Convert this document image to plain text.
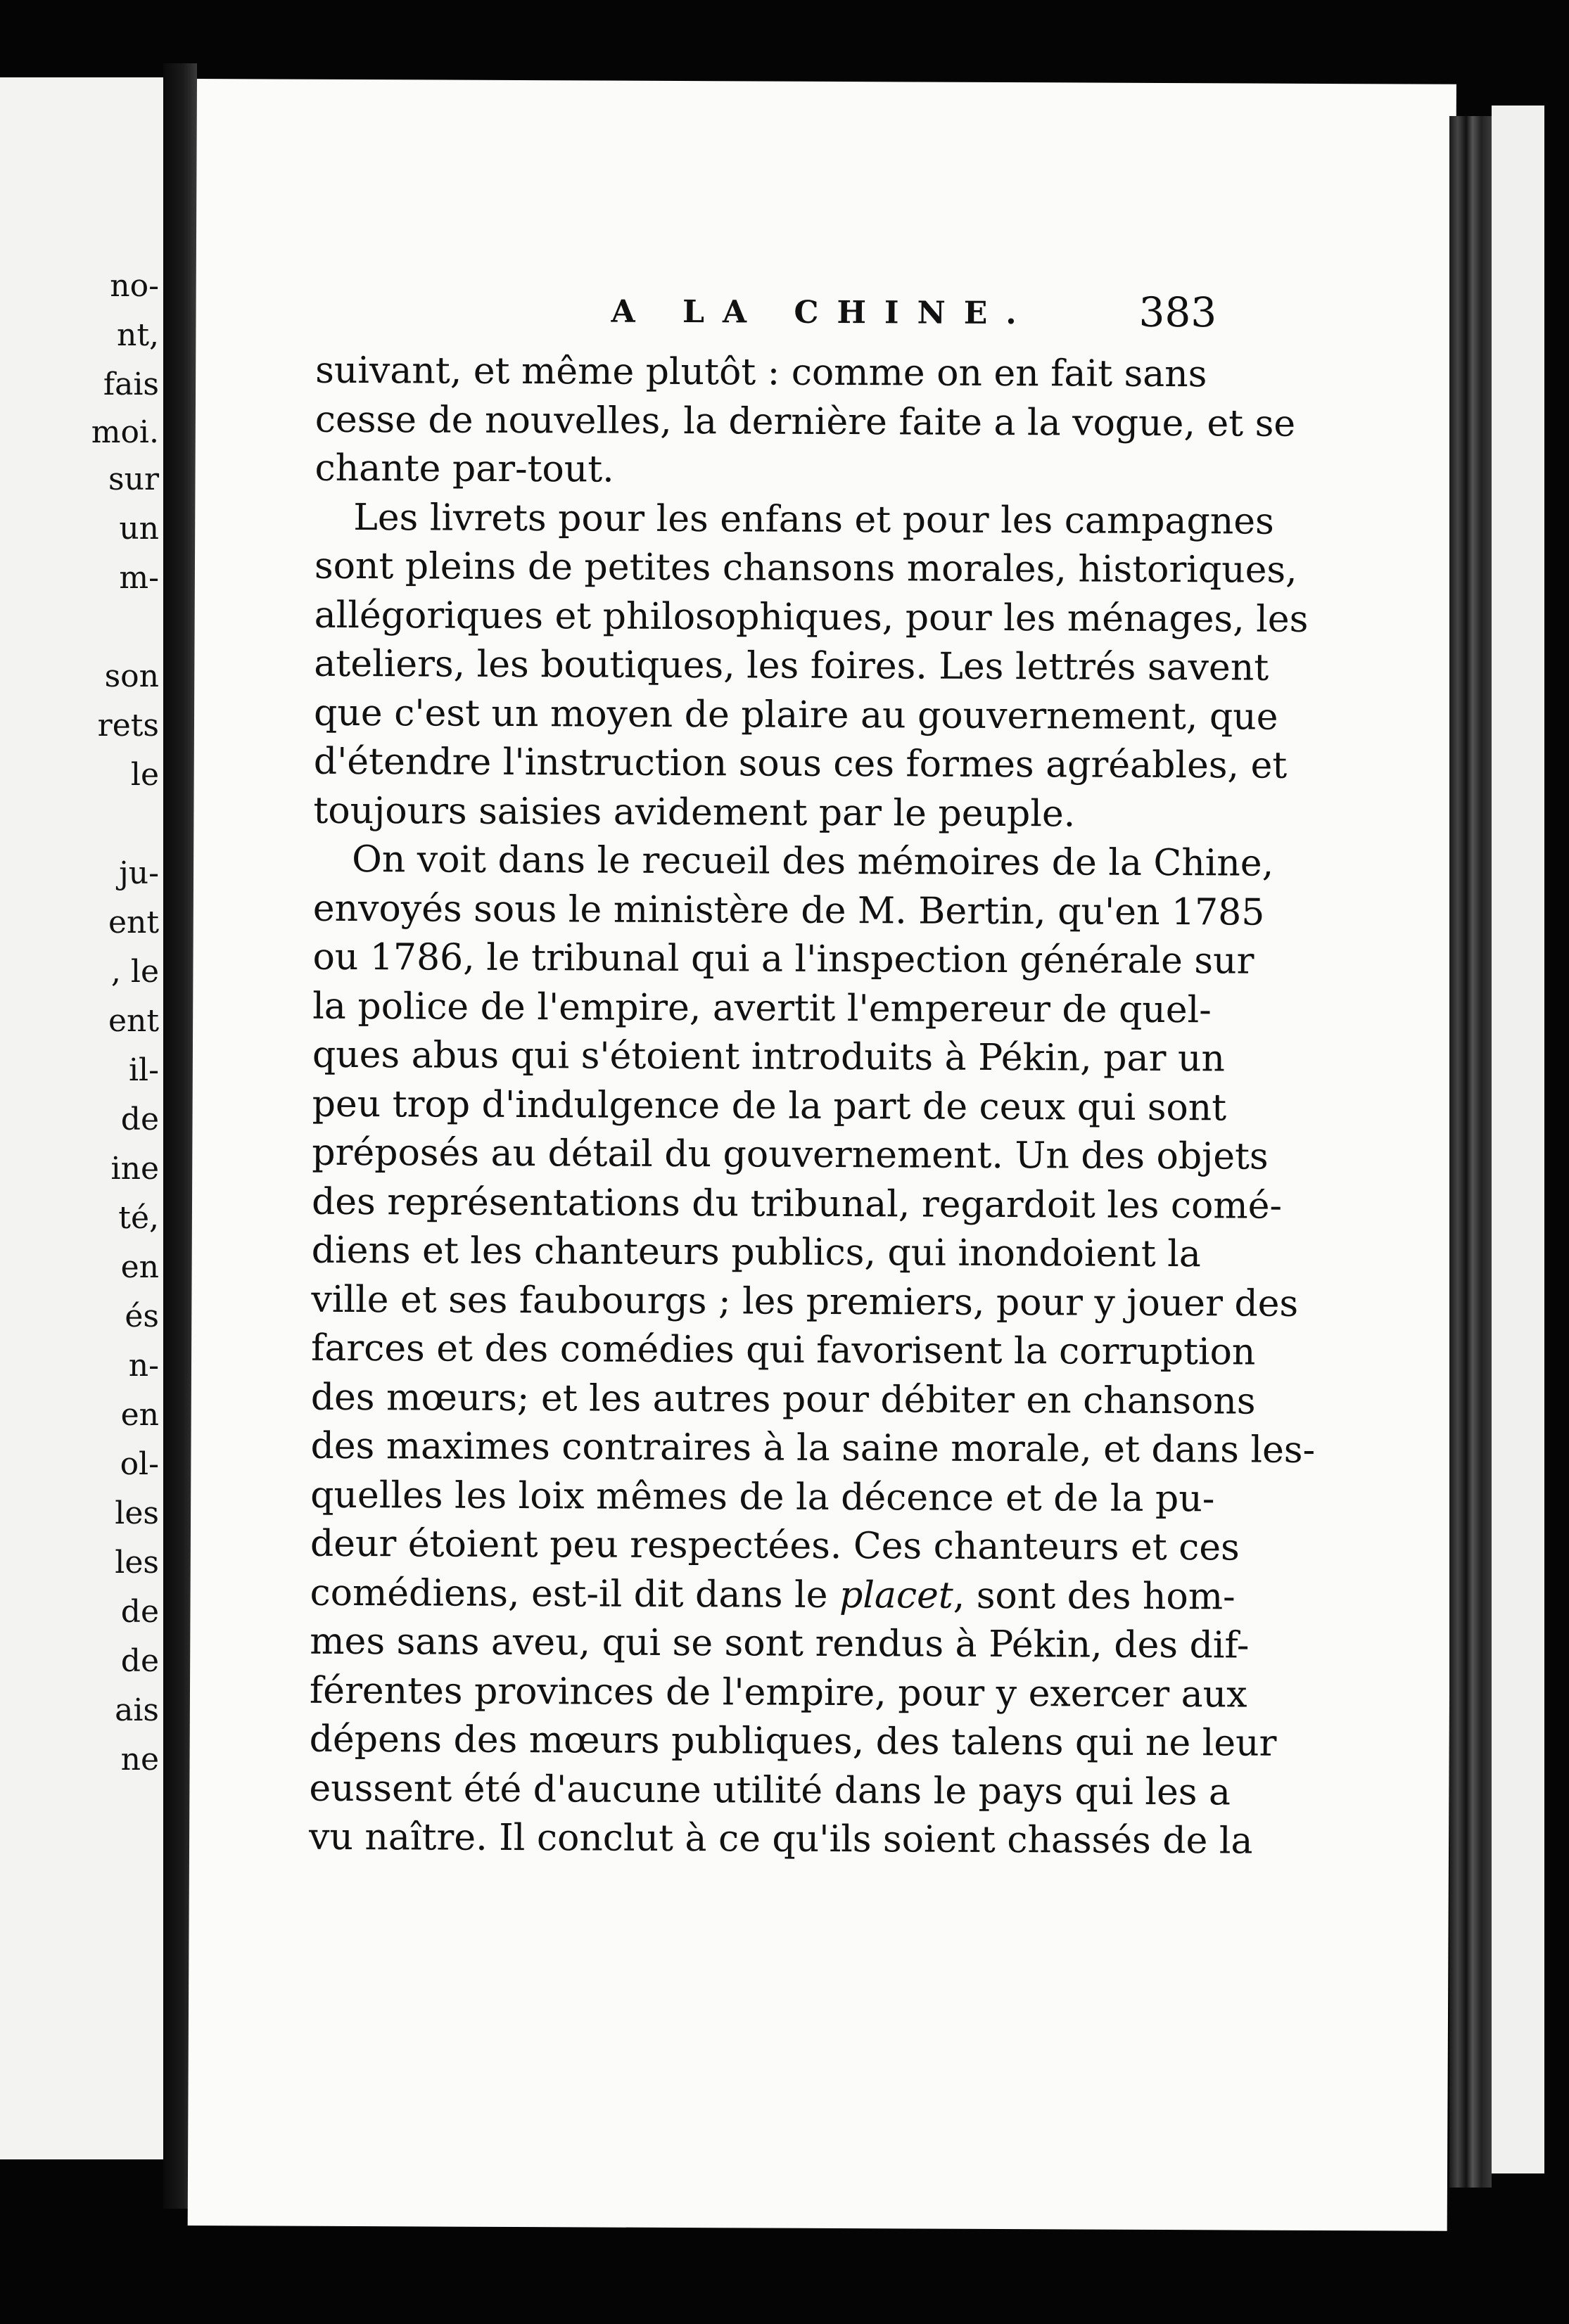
no-

nt,

fais

moi.

sur

un

m-

son

rets

le

ju-

ent

, le

ent

il-

de

ine

té,

en

és

n-

en

ol-

les

les

de

de

ais

ne

A LA CHINE.	383

suivant, et même plutôt : comme on en fait sans
cesse de nouvelles, la dernière faite a la vogue, et se
chante par-tout.
Les livrets pour les enfans et pour les campagnes
sont pleins de petites chansons morales, historiques,
allégoriques et philosophiques, pour les ménages, les
ateliers, les boutiques, les foires. Les lettrés savent
que c'est un moyen de plaire au gouvernement, que
d'étendre l'instruction sous ces formes agréables, et
toujours saisies avidement par le peuple.
On voit dans le recueil des mémoires de la Chine,
envoyés sous le ministère de M. Bertin, qu'en 1785
ou 1786, le tribunal qui a l'inspection générale sur
la police de l'empire, avertit l'empereur de quel-
ques abus qui s'étoient introduits à Pékin, par un
peu trop d'indulgence de la part de ceux qui sont
préposés au détail du gouvernement. Un des objets
des représentations du tribunal, regardoit les comé-
diens et les chanteurs publics, qui inondoient la
ville et ses faubourgs ; les premiers, pour y jouer des
farces et des comédies qui favorisent la corruption
des mœurs; et les autres pour débiter en chansons
des maximes contraires à la saine morale, et dans les-
quelles les loix mêmes de la décence et de la pu-
deur étoient peu respectées. Ces chanteurs et ces
comédiens, est-il dit dans le placet, sont des hom-
mes sans aveu, qui se sont rendus à Pékin, des dif-
férentes provinces de l'empire, pour y exercer aux
dépens des mœurs publiques, des talens qui ne leur
eussent été d'aucune utilité dans le pays qui les a
vu naître. Il conclut à ce qu'ils soient chassés de la
